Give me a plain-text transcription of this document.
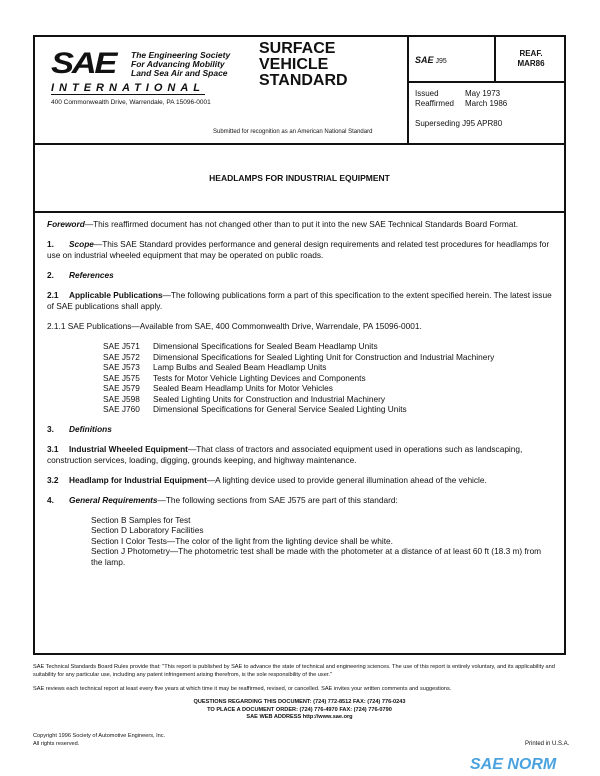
SAE The Engineering Society
For Advancing Mobility
Land Sea Air and Space
INTERNATIONAL
400 Commonwealth Drive, Warrendale, PA 15096-0001
SURFACE
VEHICLE
STANDARD
Submitted for recognition as an American National Standard
SAE J95
REAF.
MAR86
Issued	May 1973
Reaffirmed March 1986
Superseding J95 APR80
HEADLAMPS FOR INDUSTRIAL EQUIPMENT

Foreword—This reaffirmed document has not changed other than to put it into the new SAE Technical Standards Board Format.

1. Scope—This SAE Standard provides performance and general design requirements and related test procedures for headlamps for use on industrial wheeled equipment that may be operated on public roads.

2. References

2.1 Applicable Publications—The following publications form a part of this specification to the extent specified herein. The latest issue of SAE publications shall apply.

2.1.1 SAE Publications—Available from SAE, 400 Commonwealth Drive, Warrendale, PA 15096-0001.

SAE J571 Dimensional Specifications for Sealed Beam Headlamp Units
SAE J572 Dimensional Specifications for Sealed Lighting Unit for Construction and Industrial Machinery
SAE J573 Lamp Bulbs and Sealed Beam Headlamp Units
SAE J575 Tests for Motor Vehicle Lighting Devices and Components
SAE J579 Sealed Beam Headlamp Units for Motor Vehicles
SAE J598 Sealed Lighting Units for Construction and Industrial Machinery
SAE J760 Dimensional Specifications for General Service Sealed Lighting Units

3. Definitions

3.1 Industrial Wheeled Equipment—That class of tractors and associated equipment used in operations such as landscaping, construction services, loading, digging, grounds keeping, and highway maintenance.

3.2 Headlamp for Industrial Equipment—A lighting device used to provide general illumination ahead of the vehicle.

4. General Requirements—The following sections from SAE J575 are part of this standard:

Section B Samples for Test
Section D Laboratory Facilities
Section I Color Tests—The color of the light from the lighting device shall be white.
Section J Photometry—The photometric test shall be made with the photometer at a distance of at least 60 ft (18.3 m) from the lamp.

SAE Technical Standards Board Rules provide that: "This report is published by SAE to advance the state of technical and engineering sciences. The use of this report is entirely voluntary, and its applicability and suitability for any particular use, including any patent infringement arising therefrom, is the sole responsibility of the user."

SAE reviews each technical report at least every five years at which time it may be reaffirmed, revised, or cancelled. SAE invites your written comments and suggestions.

QUESTIONS REGARDING THIS DOCUMENT: (724) 772-8512 FAX: (724) 776-0243
TO PLACE A DOCUMENT ORDER: (724) 776-4970 FAX: (724) 776-0790
SAE WEB ADDRESS http://www.sae.org

Copyright 1996 Society of Automotive Engineers, Inc.
All rights reserved.	Printed in U.S.A.
SAE NORM
